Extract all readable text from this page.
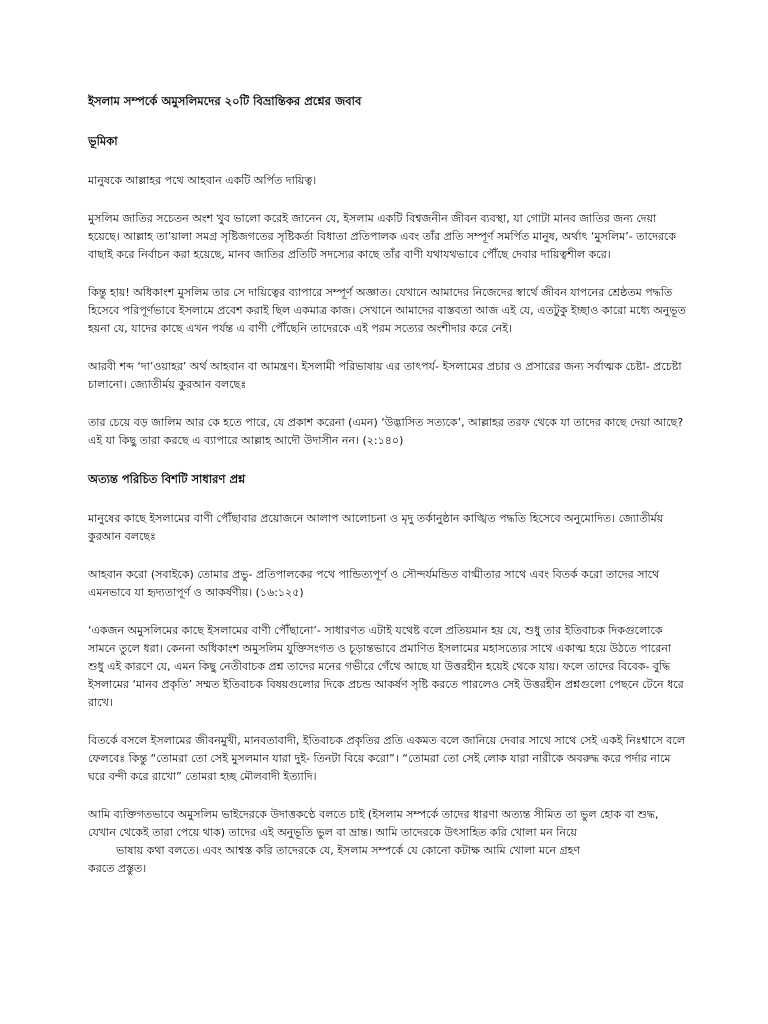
ইসলাম সম্পর্কে অমুসলিমদের ২০টি বিভ্রান্তিকর প্রশ্নের জবাব
ভূমিকা

মানুষকে আল্লাহর পথে আহবান একটি অর্পিত দায়িত্ব।

মুসলিম জাতির সচেতন অংশ খুব ভালো করেই জানেন যে, ইসলাম একটি বিশ্বজনীন জীবন ব্যবস্থা, যা গোটা মানব জাতির জন্য দেয়া হয়েছে। আল্লাহ তা’য়ালা সমগ্র সৃষ্টিজগতের সৃষ্টিকর্তা বিধাতা প্রতিপালক এবং তাঁর প্রতি সম্পূর্ণ সমর্পিত মানুষ, অর্থাৎ ‘মুসলিম’- তাদেরকে বাছাই করে নির্বাচন করা হয়েছে, মানব জাতির প্রতিটি সদস্যের কাছে তাঁর বাণী যথাযথভাবে পৌঁছে দেবার দায়িত্বশীল করে।

কিন্তু হায়! অধিকাংশ মুসলিম তার সে দায়িত্বের ব্যাপারে সম্পূর্ণ অজ্ঞাত। যেখানে আমাদের নিজেদের স্বার্থে জীবন যাপনের শ্রেষ্ঠতম পদ্ধতি হিসেবে পরিপূর্ণভাবে ইসলামে প্রবেশ করাই ছিল একমাত্র কাজ। সেখানে আমাদের বাস্তবতা আজ এই যে, এতটুকু ইচ্ছাও কারো মধ্যে অনুভূত হয়না যে, যাদের কাছে এখন পর্যন্ত এ বাণী পৌঁছেনি তাদেরকে এই পরম সত্যের অংশীদার করে নেই।

আরবী শব্দ ‘দা’ওয়াহর’ অর্থ আহবান বা আমন্ত্রণ। ইসলামী পরিভাষায় এর তাৎপর্য- ইসলামের প্রচার ও প্রসারের জন্য সর্বাত্মক চেষ্টা- প্রচেষ্টা চালানো। জ্যোতীর্ময় কুরআন বলছেঃ

তার চেয়ে বড় জালিম আর কে হতে পারে, যে প্রকাশ করেনা (এমন) ‘উদ্ভাসিত সত্যকে’, আল্লাহর তরফ থেকে যা তাদের কাছে দেয়া আছে? এই যা কিছু তারা করছে এ ব্যাপারে আল্লাহ আদৌ উদাসীন নন। (২:১৪০)

অত্যন্ত পরিচিত বিশটি সাধারণ প্রশ্ন

মানুষের কাছে ইসলামের বাণী পৌঁছাবার প্রয়োজনে আলাপ আলোচনা ও মৃদু তর্কানুষ্ঠান কাঙ্খিত পদ্ধতি হিসেবে অনুমোদিত। জ্যোতীর্ময় কুরআন বলছেঃ

আহবান করো (সবাইকে) তোমার প্রভু- প্রতিপালকের পথে পান্ডিত্যপূর্ণ ও সৌন্দর্যমন্ডিত বাগ্মীতার সাথে এবং বিতর্ক করো তাদের সাথে এমনভাবে যা হৃদ্যতাপূর্ণ ও আকর্ষণীয়। (১৬:১২৫)

‘একজন অমুসলিমের কাছে ইসলামের বাণী পৌঁছানো’- সাধারণত এটাই যথেষ্ট বলে প্রতিয়মান হয় যে, শুধু তার ইতিবাচক দিকগুলোকে সামনে তুলে ধরা। কেননা অধিকাংশ অমুসলিম যুক্তিসংগত ও চূড়ান্তভাবে প্রমাণিত ইসলামের মহাসত্যের সাথে একাত্ম হয়ে উঠতে পারেনা শুধু এই কারণে যে, এমন কিছু নেতীবাচক প্রশ্ন তাদের মনের গভীরে গেঁথে আছে যা উত্তরহীন হয়েই থেকে যায়। ফলে তাদের বিবেক- বুদ্ধি ইসলামের ‘মানব প্রকৃতি’ সম্মত ইতিবাচক বিষয়গুলোর দিকে প্রচন্ড আকর্ষণ সৃষ্টি করতে পারলেও সেই উত্তরহীন প্রশ্নগুলো পেছনে টেনে ধরে রাখে।

বিতর্কে বসলে ইসলামের জীবনমুখী, মানবতাবাদী, ইতিবাচক প্রকৃতির প্রতি একমত বলে জানিয়ে দেবার সাথে সাথে সেই একই নিঃশ্বাসে বলে ফেলবেঃ কিন্তু “তোমরা তো সেই মুসলমান যারা দুই- তিনটা বিয়ে করো”। “তোমরা তো সেই লোক যারা নারীকে অবরুদ্ধ করে পর্দার নামে ঘরে বন্দী করে রাখো” তোমরা হচ্ছ মৌলবাদী ইত্যাদি।

আমি ব্যক্তিগতভাবে অমুসলিম ভাইদেরকে উদাত্তকণ্ঠে বলতে চাই (ইসলাম সম্পর্কে তাদের ধারণা অত্যন্ত সীমিত তা ভুল হোক বা শুদ্ধ, যেখান থেকেই তারা পেয়ে থাক) তাদের এই অনুভূতি ভুল বা ভ্রান্ত। আমি তাদেরকে উৎসাহিত করি খোলা মন নিয়ে
ভাষায় কথা বলতে। এবং আশ্বস্ত করি তাদেরকে যে, ইসলাম সম্পর্কে যে কোনো কটাক্ষ আমি খোলা মনে গ্রহণ
করতে প্রস্তুত।
